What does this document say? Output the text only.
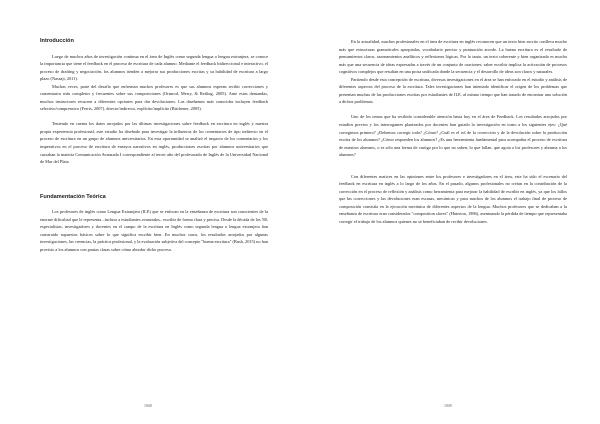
Introducción

Luego de muchos años de investigación continua en el área de Inglés como segunda lengua o lengua extranjera, se conoce la importancia que tiene el feedback en el proceso de escritura de cada alumno. Mediante el feedback bidireccional e interactivo, el proceso de drafting y negociación, los alumnos tienden a mejorar sus producciones escritas y su habilidad de escritura a largo plazo (Nassaji, 2011).

Muchas veces, parte del desafío que enfrentan muchos profesores es que sus alumnos esperan recibir correcciones y comentarios más completos y frecuentes sobre sus composiciones (Ormrod, Merry, & Reiling, 2005). Ante estas demandas, muchos instructores recurren a diferentes opciones para dar devoluciones. Las diseñamos más conocidas incluyen feedback selectivo/comprensivo (Ferris, 2007), directo/indirecto, explícito/implícito (Bitchener, 2005).

Teniendo en cuenta los datos arrojados por las últimas investigaciones sobre feedback en escritura en inglés y nuestra propia experiencia profesional, este estudio ha diseñado para investigar la influencia de los comentarios de tipo indirecto en el proceso de escritura en un grupo de alumnos universitarios. En esta oportunidad se analizó el impacto de los comentarios y los imperativos en el proceso de escritura de ensayos narrativos en inglés, producciones escritas por alumnos universitarios que cursaban la materia Comunicación Avanzada I correspondiente al tercer año del profesorado de Inglés de la Universidad Nacional de Mar del Plata.

Fundamentación Teórica

Los profesores de inglés como Lengua Extranjera (ILE) que se enfocan en la enseñanza de escritura son conscientes de la enorme dificultad que le representa –incluso a estudiantes avanzados– escribir de forma clara y precisa. Desde la década de los '80, especialistas, investigadores y docentes en el campo de la escritura en Inglés como segunda lengua o lengua extranjera han construido supuestos básicos sobre lo que significa escribir bien. En muchos casos, los resultados arrojados por algunas investigaciones, las creencias, la práctica profesional, y la evaluación subjetiva del concepto "buena escritura" (Bush, 2015) no han provisto a los alumnos con pautas claras sobre cómo abordar dicho proceso.

1048

En la actualidad, muchos profesionales en el área de escritura en inglés reconocen que un texto bien escrito conlleva mucho más que estructuras gramaticales apropiadas, vocabulario preciso y puntuación acorde. La buena escritura es el resultado de pensamientos claros, razonamientos analíticos y reflexiones lógicas. Por lo tanto, un texto coherente y bien organizado es mucho más que una secuencia de ideas expresadas a través de un conjunto de oraciones; saber escribir implica la activación de procesos cognitivos complejos que resultan en una prosa unificada donde la secuencia y el desarrollo de ideas son claros y naturales.

Partiendo desde esta concepción de escritura, diversas investigaciones en el área se han enfocado en el estudio y análisis de diferentes aspectos del proceso de la escritura. Tales investigaciones han intentado identificar el origen de los problemas que presentan muchas de las producciones escritas por estudiantes de ILE, al mismo tiempo que han tratado de encontrar una solución a dichos problemas.

Uno de los temas que ha recibido considerable atención hasta hoy en el área de Feedback. Los resultados arrojados por estudios previos y los interrogantes planteados por docentes han guiado la investigación en torno a los siguientes ejes: ¿Qué corregimos primero? ¿Debemos corregir todo? ¿Cómo? ¿Cuál es el rol de la corrección y de la devolución sobre la producción escrita de los alumnos? ¿Cómo responden los alumnos? ¿Es una herramienta fundamental para acompañar el proceso de escritura de nuestros alumnos, o es sólo una forma de castigo por lo que no saben, lo que fallan, que agota a los profesores y abruma a los alumnos?

Con diferentes matices en las opiniones entre los profesores e investigadores en el área, este ha sido el escenario del feedback en escritura en inglés a lo largo de los años. En el pasado, algunos profesionales no creían en la contribución de la corrección en el proceso de reflexión y análisis como herramienta para mejorar la habilidad de escribir en inglés, ya que los fallos que las correcciones y las devoluciones eran escasas, mecánicas y para muchos de los alumnos el trabajo final de proceso de composición consistía en la ejecución mecánica de diferentes aspectos de la lengua. Muchos profesores que se dedicaban a la enseñanza de escritura eran considerados "composition slaves" (Hairston, 1986), asentuando la pérdida de tiempo que representaba corregir el trabajo de los alumnos quienes no se beneficiaban de recibir devoluciones.

1049
